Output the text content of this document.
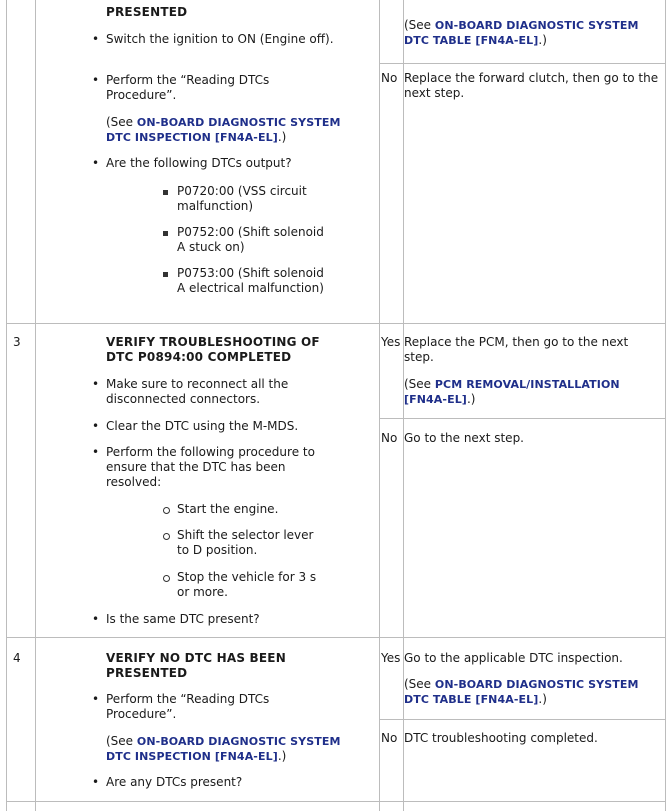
PRESENTED

• Switch the ignition to ON (Engine off).

• Perform the “Reading DTCs Procedure”.

(See ON-BOARD DIAGNOSTIC SYSTEM DTC INSPECTION [FN4A-EL].)

• Are the following DTCs output?

P0720:00 (VSS circuit malfunction)

P0752:00 (Shift solenoid A stuck on)

P0753:00 (Shift solenoid A electrical malfunction)

(See ON-BOARD DIAGNOSTIC SYSTEM DTC TABLE [FN4A-EL].)

No Replace the forward clutch, then go to the next step.
3	VERIFY TROUBLESHOOTING OF DTC P0894:00 COMPLETED

• Make sure to reconnect all the disconnected connectors.

• Clear the DTC using the M-MDS.

• Perform the following procedure to ensure that the DTC has been resolved:

Start the engine.

Shift the selector lever to D position.

Stop the vehicle for 3 s or more.

• Is the same DTC present?

Yes Replace the PCM, then go to the next step.

(See PCM REMOVAL/INSTALLATION [FN4A-EL].)

No Go to the next step.
4	VERIFY NO DTC HAS BEEN PRESENTED

• Perform the “Reading DTCs Procedure”.

(See ON-BOARD DIAGNOSTIC SYSTEM DTC INSPECTION [FN4A-EL].)

• Are any DTCs present?

Yes Go to the applicable DTC inspection.

(See ON-BOARD DIAGNOSTIC SYSTEM DTC TABLE [FN4A-EL].)

No DTC troubleshooting completed.
